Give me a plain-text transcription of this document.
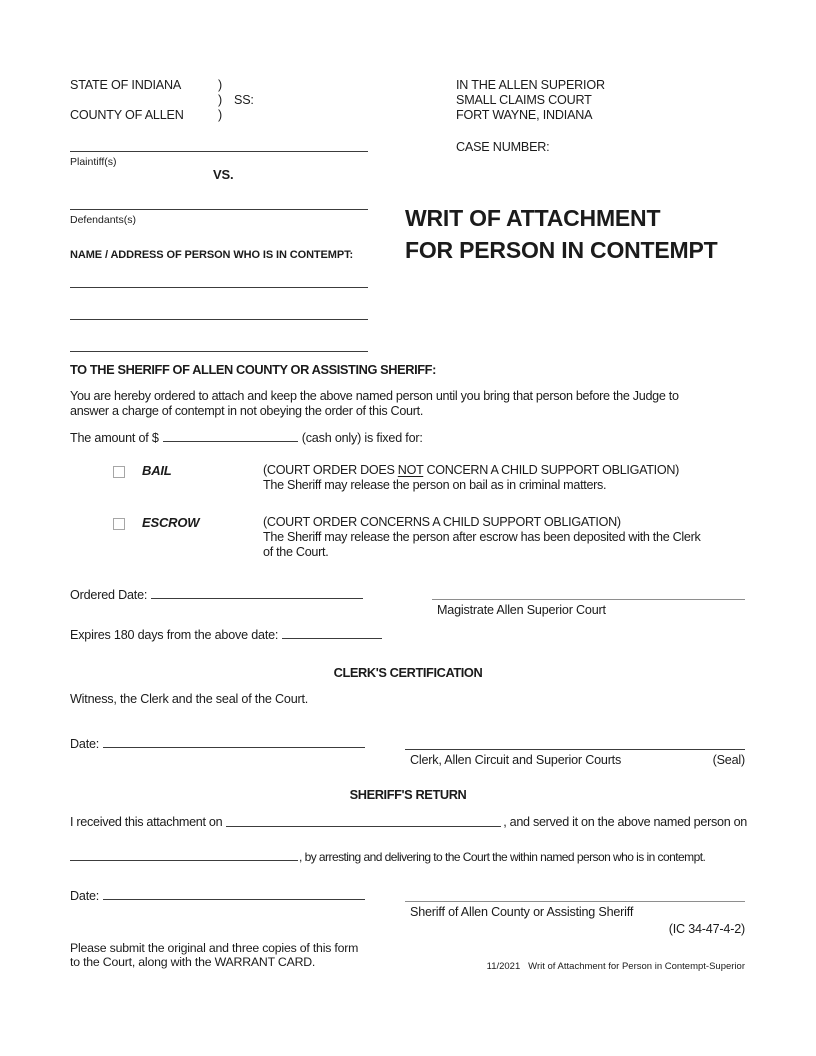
STATE OF INDIANA	)
) SS:
COUNTY OF ALLEN	)
IN THE ALLEN SUPERIOR
SMALL CLAIMS COURT
FORT WAYNE, INDIANA
CASE NUMBER:
Plaintiff(s)
VS.
Defendants(s)	WRIT OF ATTACHMENT
FOR PERSON IN CONTEMPT
NAME / ADDRESS OF PERSON WHO IS IN CONTEMPT:
TO THE SHERIFF OF ALLEN COUNTY OR ASSISTING SHERIFF:
You are hereby ordered to attach and keep the above named person until you bring that person before the Judge to
answer a charge of contempt in not obeying the order of this Court.
The amount of $	(cash only) is fixed for:
BAIL	(COURT ORDER DOES NOT CONCERN A CHILD SUPPORT OBLIGATION)
The Sheriff may release the person on bail as in criminal matters.
ESCROW	(COURT ORDER CONCERNS A CHILD SUPPORT OBLIGATION)
The Sheriff may release the person after escrow has been deposited with the Clerk
of the Court.
Ordered Date:
Magistrate Allen Superior Court
Expires 180 days from the above date:
CLERK'S CERTIFICATION
Witness, the Clerk and the seal of the Court.
Date:
Clerk, Allen Circuit and Superior Courts	(Seal)
SHERIFF'S RETURN
I received this attachment on	, and served it on the above named person on
, by arresting and delivering to the Court the within named person who is in contempt.
Date:
Sheriff of Allen County or Assisting Sheriff
(IC 34-47-4-2)
Please submit the original and three copies of this form
to the Court, along with the WARRANT CARD.	11/2021   Writ of Attachment for Person in Contempt-Superior
